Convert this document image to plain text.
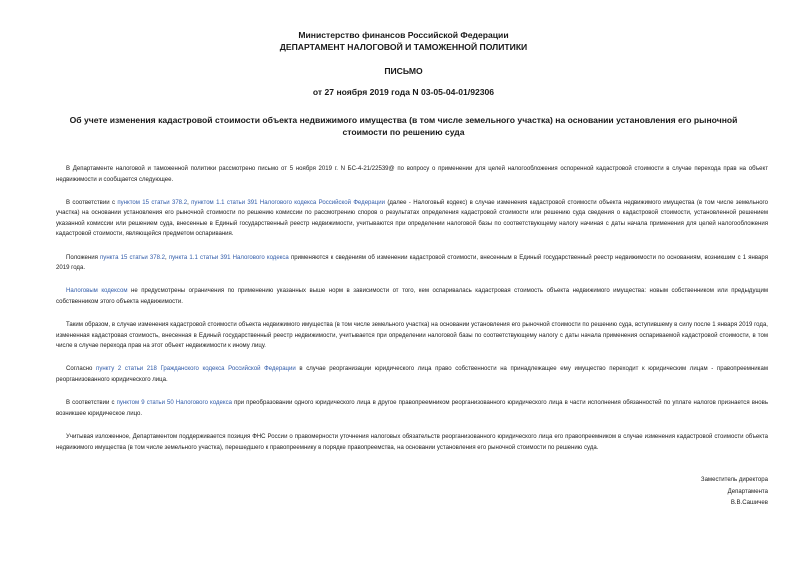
Министерство финансов Российской Федерации
ДЕПАРТАМЕНТ НАЛОГОВОЙ И ТАМОЖЕННОЙ ПОЛИТИКИ
ПИСЬМО
от 27 ноября 2019 года N 03-05-04-01/92306
Об учете изменения кадастровой стоимости объекта недвижимого имущества (в том числе земельного участка) на основании установления его рыночной стоимости по решению суда

В Департаменте налоговой и таможенной политики рассмотрено письмо от 5 ноября 2019 г. N БС-4-21/22539@ по вопросу о применении для целей налогообложения оспоренной кадастровой стоимости в случае перехода прав на объект недвижимости и сообщается следующее.

В соответствии с пунктом 15 статьи 378.2, пунктом 1.1 статьи 391 Налогового кодекса Российской Федерации (далее - Налоговый кодекс) в случае изменения кадастровой стоимости объекта недвижимого имущества (в том числе земельного участка) на основании установления его рыночной стоимости по решению комиссии по рассмотрению споров о результатах определения кадастровой стоимости или решению суда сведения о кадастровой стоимости, установленной решением указанной комиссии или решением суда, внесенные в Единый государственный реестр недвижимости, учитываются при определении налоговой базы по соответствующему налогу начиная с даты начала применения для целей налогообложения кадастровой стоимости, являющейся предметом оспаривания.

Положения пункта 15 статьи 378.2, пункта 1.1 статьи 391 Налогового кодекса применяются к сведениям об изменении кадастровой стоимости, внесенным в Единый государственный реестр недвижимости по основаниям, возникшим с 1 января 2019 года.

Налоговым кодексом не предусмотрены ограничения по применению указанных выше норм в зависимости от того, кем оспаривалась кадастровая стоимость объекта недвижимого имущества: новым собственником или предыдущим собственником этого объекта недвижимости.

Таким образом, в случае изменения кадастровой стоимости объекта недвижимого имущества (в том числе земельного участка) на основании установления его рыночной стоимости по решению суда, вступившему в силу после 1 января 2019 года, измененная кадастровая стоимость, внесенная в Единый государственный реестр недвижимости, учитывается при определении налоговой базы по соответствующему налогу с даты начала применения оспариваемой кадастровой стоимости, в том числе в случае перехода прав на этот объект недвижимости к иному лицу.

Согласно пункту 2 статьи 218 Гражданского кодекса Российской Федерации в случае реорганизации юридического лица право собственности на принадлежащее ему имущество переходит к юридическим лицам - правопреемникам реорганизованного юридического лица.

В соответствии с пунктом 9 статьи 50 Налогового кодекса при преобразовании одного юридического лица в другое правопреемником реорганизованного юридического лица в части исполнения обязанностей по уплате налогов признается вновь возникшее юридическое лицо.

Учитывая изложенное, Департаментом поддерживается позиция ФНС России о правомерности уточнения налоговых обязательств реорганизованного юридического лица его правопреемником в случае изменения кадастровой стоимости объекта недвижимого имущества (в том числе земельного участка), перешедшего к правопреемнику в порядке правопреемства, на основании установления его рыночной стоимости по решению суда.

Заместитель директора
Департамента
В.В.Сашичев
